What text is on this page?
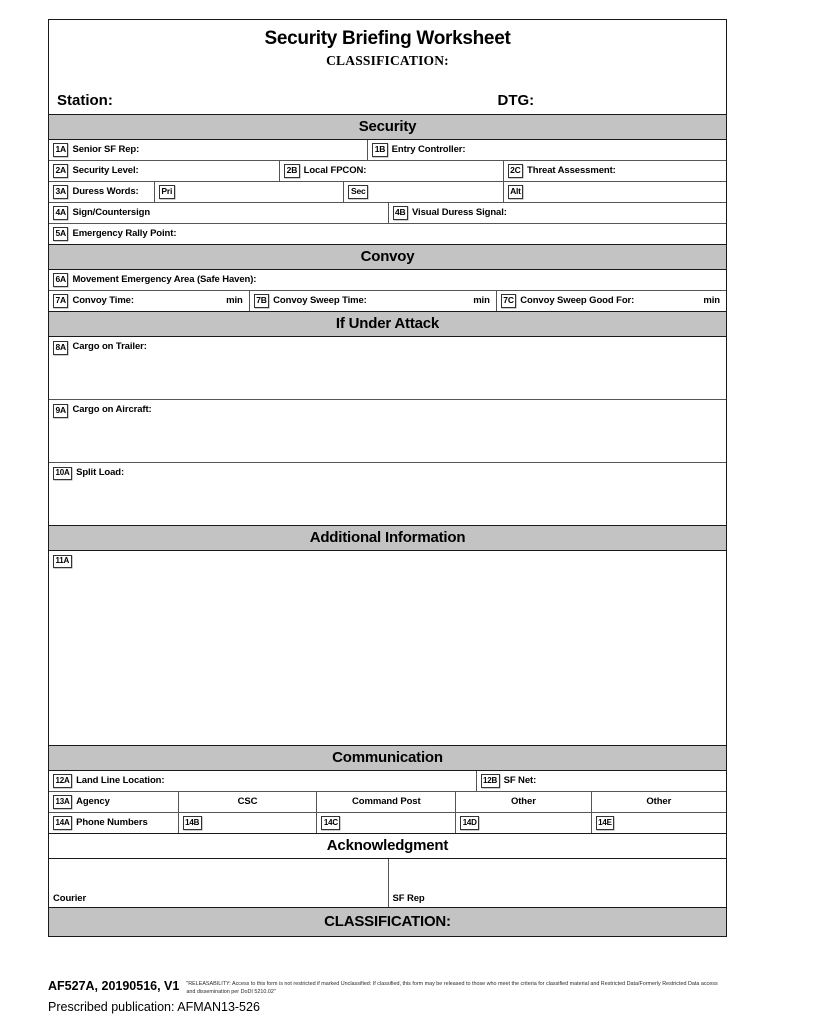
Security Briefing Worksheet
CLASSIFICATION:
Station:	DTG:
Security
1A Senior SF Rep:	1B Entry Controller:
2A Security Level:	2B Local FPCON:	2C Threat Assessment:
3A Duress Words:	Pri	Sec	Alt
4A Sign/Countersign	4B Visual Duress Signal:
5A Emergency Rally Point:
Convoy
6A Movement Emergency Area (Safe Haven):
7A Convoy Time:	min 7B Convoy Sweep Time:	min 7C Convoy Sweep Good For:	min
If Under Attack
8A Cargo on Trailer:
9A Cargo on Aircraft:
10A Split Load:
Additional Information
11A
Communication
12A Land Line Location:	12B SF Net:
13A Agency	CSC	Command Post	Other	Other
14A Phone Numbers	14B	14C	14D	14E
Acknowledgment
Courier	SF Rep
CLASSIFICATION:
AF527A, 20190516, V1	"RELEASABILITY: Access to this form is not restricted if marked Unclassified: If classified, this form may be released to those who meet the criteria for classified material and Restricted Data/Formerly Restricted Data access and dissemination per DoDI 5210.02"
Prescribed publication: AFMAN13-526
